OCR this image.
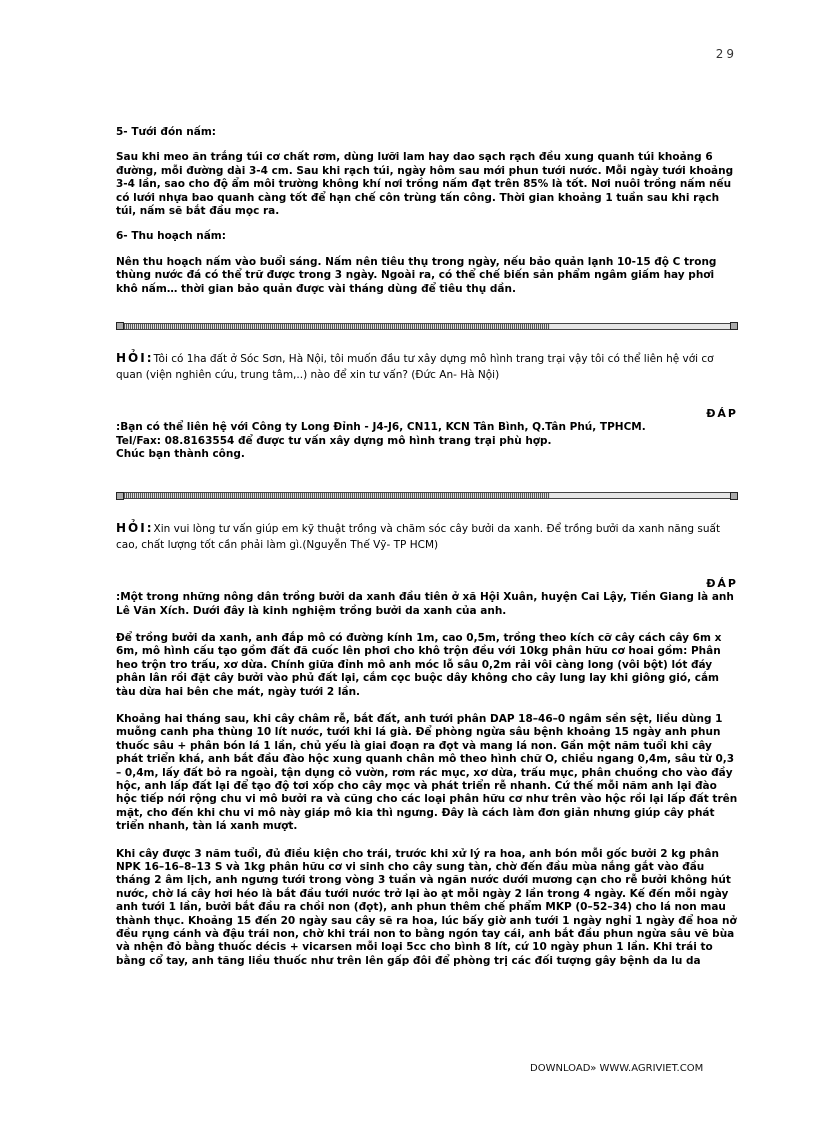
29
5- Tưới đón nấm:
Sau khi meo ăn trắng túi cơ chất rơm, dùng lưỡi lam hay dao sạch rạch đều xung quanh túi khoảng 6 đường, mỗi đường dài 3-4 cm. Sau khi rạch túi, ngày hôm sau mới phun tưới nước. Mỗi ngày tưới khoảng 3-4 lần, sao cho độ ẩm môi trường không khí nơi trồng nấm đạt trên 85% là tốt. Nơi nuôi trồng nấm nếu có lưới nhựa bao quanh càng tốt để hạn chế côn trùng tấn công. Thời gian khoảng 1 tuần sau khi rạch túi, nấm sẽ bắt đầu mọc ra.
6- Thu hoạch nấm:
Nên thu hoạch nấm vào buổi sáng. Nấm nên tiêu thụ trong ngày, nếu bảo quản lạnh 10-15 độ C trong thùng nước đá có thể trữ được trong 3 ngày. Ngoài ra, có thể chế biến sản phẩm ngâm giấm hay phơi khô nấm… thời gian bảo quản được vài tháng dùng để tiêu thụ dần.
HỎI:Tôi có 1ha đất ở Sóc Sơn, Hà Nội, tôi muốn đầu tư xây dựng mô hình trang trại vậy tôi có thể liên hệ với cơ quan (viện nghiên cứu, trung tâm,..) nào để xin tư vấn? (Đức An- Hà Nội)
ĐÁP
:Bạn có thể liên hệ với Công ty Long Đỉnh - J4-J6, CN11, KCN Tân Bình, Q.Tân Phú, TPHCM.
Tel/Fax: 08.8163554 để được tư vấn xây dựng mô hình trang trại phù hợp.
Chúc bạn thành công.
HỎI:Xin vui lòng tư vấn giúp em kỹ thuật trồng và chăm sóc cây bưởi da xanh. Để trồng bưởi da xanh năng suất cao, chất lượng tốt cần phải làm gì.(Nguyễn Thế Vỹ- TP HCM)
ĐÁP
:Một trong những nông dân trồng bưởi da xanh đầu tiên ở xã Hội Xuân, huyện Cai Lậy, Tiền Giang là anh Lê Văn Xích. Dưới đây là kinh nghiệm trồng bưởi da xanh của anh.
Để trồng bưởi da xanh, anh đắp mô có đường kính 1m, cao 0,5m, trồng theo kích cỡ cây cách cây 6m x 6m, mô hình cấu tạo gồm đất đã cuốc lên phơi cho khô trộn đều với 10kg phân hữu cơ hoai gồm: Phân heo trộn tro trấu, xơ dừa. Chính giữa đỉnh mô anh móc lỗ sâu 0,2m rải vôi càng long (vôi bột) lót đáy phân lân rồi đặt cây bưởi vào phủ đất lại, cắm cọc buộc dây không cho cây lung lay khi giông gió, cắm tàu dừa hai bên che mát, ngày tưới 2 lần.
Khoảng hai tháng sau, khi cây châm rễ, bắt đất, anh tưới phân DAP 18–46–0 ngâm sền sệt, liều dùng 1 muỗng canh pha thùng 10 lít nước, tưới khi lá già. Để phòng ngừa sâu bệnh khoảng 15 ngày anh phun thuốc sâu + phân bón lá 1 lần, chủ yếu là giai đoạn ra đọt và mang lá non. Gần một năm tuổi khi cây phát triển khá, anh bắt đầu đào hộc xung quanh chân mô theo hình chữ O, chiều ngang 0,4m, sâu từ 0,3 – 0,4m, lấy đất bỏ ra ngoài, tận dụng cỏ vườn, rơm rác mục, xơ dừa, trấu mục, phân chuồng cho vào đầy hộc, anh lấp đất lại để tạo độ tơi xốp cho cây mọc và phát triển rễ nhanh. Cứ thế mỗi năm anh lại đào hộc tiếp nới rộng chu vi mô bưởi ra và cũng cho các loại phân hữu cơ như trên vào hộc rồi lại lấp đất trên mặt, cho đến khi chu vi mô này giáp mô kia thì ngưng. Đây là cách làm đơn giản nhưng giúp cây phát triển nhanh, tàn lá xanh mượt.
Khi cây được 3 năm tuổi, đủ điều kiện cho trái, trước khi xử lý ra hoa, anh bón mỗi gốc bưởi 2 kg phân NPK 16–16–8–13 S và 1kg phân hữu cơ vi sinh cho cây sung tàn, chờ đến đầu mùa nắng gắt vào đầu tháng 2 âm lịch, anh ngưng tưới trong vòng 3 tuần và ngăn nước dưới mương cạn cho rễ bưởi không hút nước, chờ lá cây hơi héo là bắt đầu tưới nước trở lại ào ạt mỗi ngày 2 lần trong 4 ngày. Kế đến mỗi ngày anh tưới 1 lần, bưởi bắt đầu ra chồi non (đọt), anh phun thêm chế phẩm MKP (0–52–34) cho lá non mau thành thục. Khoảng 15 đến 20 ngày sau cây sẽ ra hoa, lúc bấy giờ anh tưới 1 ngày nghỉ 1 ngày để hoa nở đều rụng cánh và đậu trái non, chờ khi trái non to bằng ngón tay cái, anh bắt đầu phun ngừa sâu vẽ bùa và nhện đỏ bằng thuốc décis + vicarsen mỗi loại 5cc cho bình 8 lít, cứ 10 ngày phun 1 lần. Khi trái to bằng cổ tay, anh tăng liều thuốc như trên lên gấp đôi để phòng trị các đối tượng gây bệnh da lu da
DOWNLOAD» WWW.AGRIVIET.COM
